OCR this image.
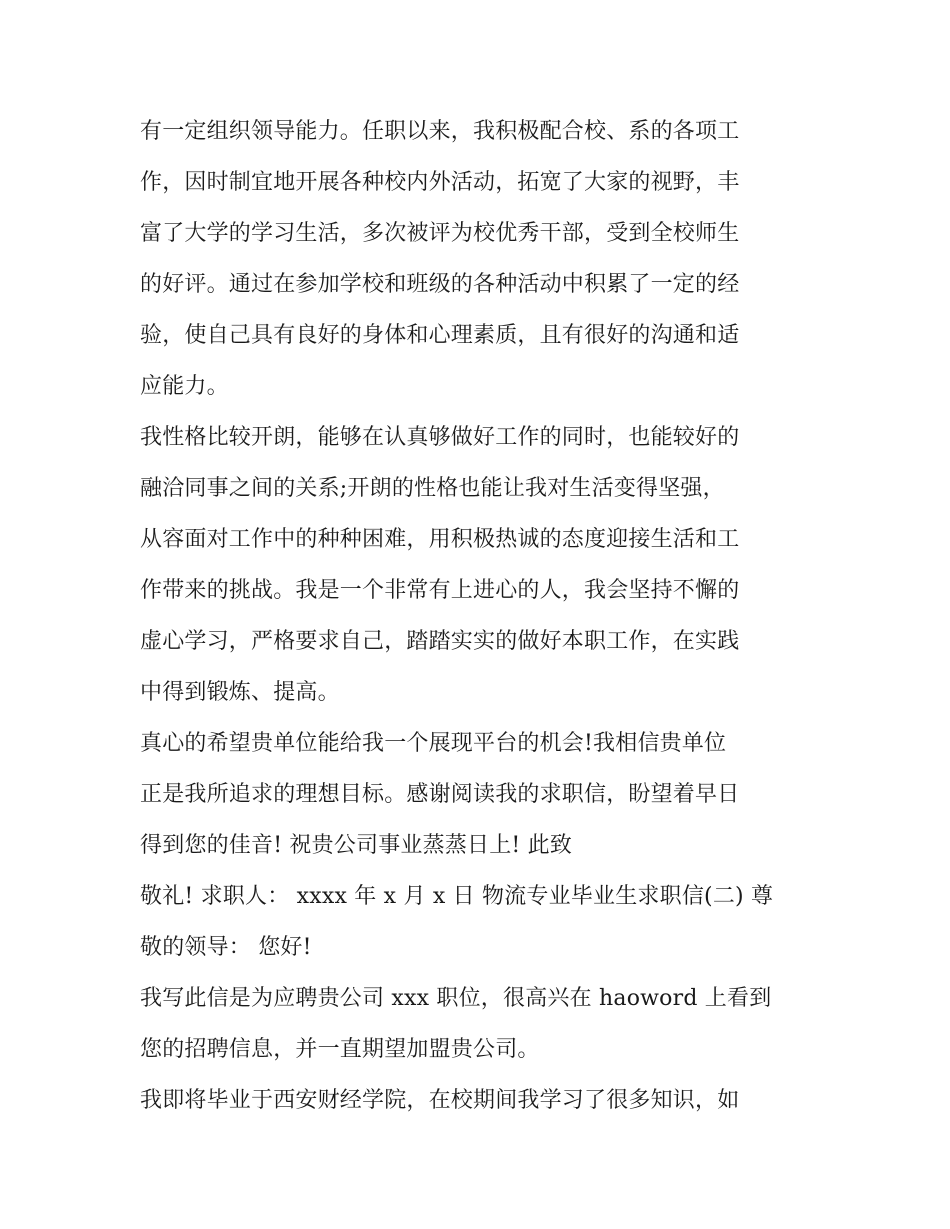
有一定组织领导能力。任职以来，我积极配合校、系的各项工
作，因时制宜地开展各种校内外活动，拓宽了大家的视野，丰
富了大学的学习生活，多次被评为校优秀干部，受到全校师生
的好评。通过在参加学校和班级的各种活动中积累了一定的经
验，使自己具有良好的身体和心理素质，且有很好的沟通和适
应能力。

我性格比较开朗，能够在认真够做好工作的同时，也能较好的
融洽同事之间的关系;开朗的性格也能让我对生活变得坚强，
从容面对工作中的种种困难，用积极热诚的态度迎接生活和工
作带来的挑战。我是一个非常有上进心的人，我会坚持不懈的
虚心学习，严格要求自己，踏踏实实的做好本职工作，在实践
中得到锻炼、提高。

真心的希望贵单位能给我一个展现平台的机会!我相信贵单位
正是我所追求的理想目标。感谢阅读我的求职信，盼望着早日
得到您的佳音! 祝贵公司事业蒸蒸日上! 此致

敬礼! 求职人： xxxx 年 x 月 x 日 物流专业毕业生求职信(二) 尊
敬的领导： 您好!

我写此信是为应聘贵公司 xxx 职位，很高兴在 haoword 上看到
您的招聘信息，并一直期望加盟贵公司。

我即将毕业于西安财经学院，在校期间我学习了很多知识，如
